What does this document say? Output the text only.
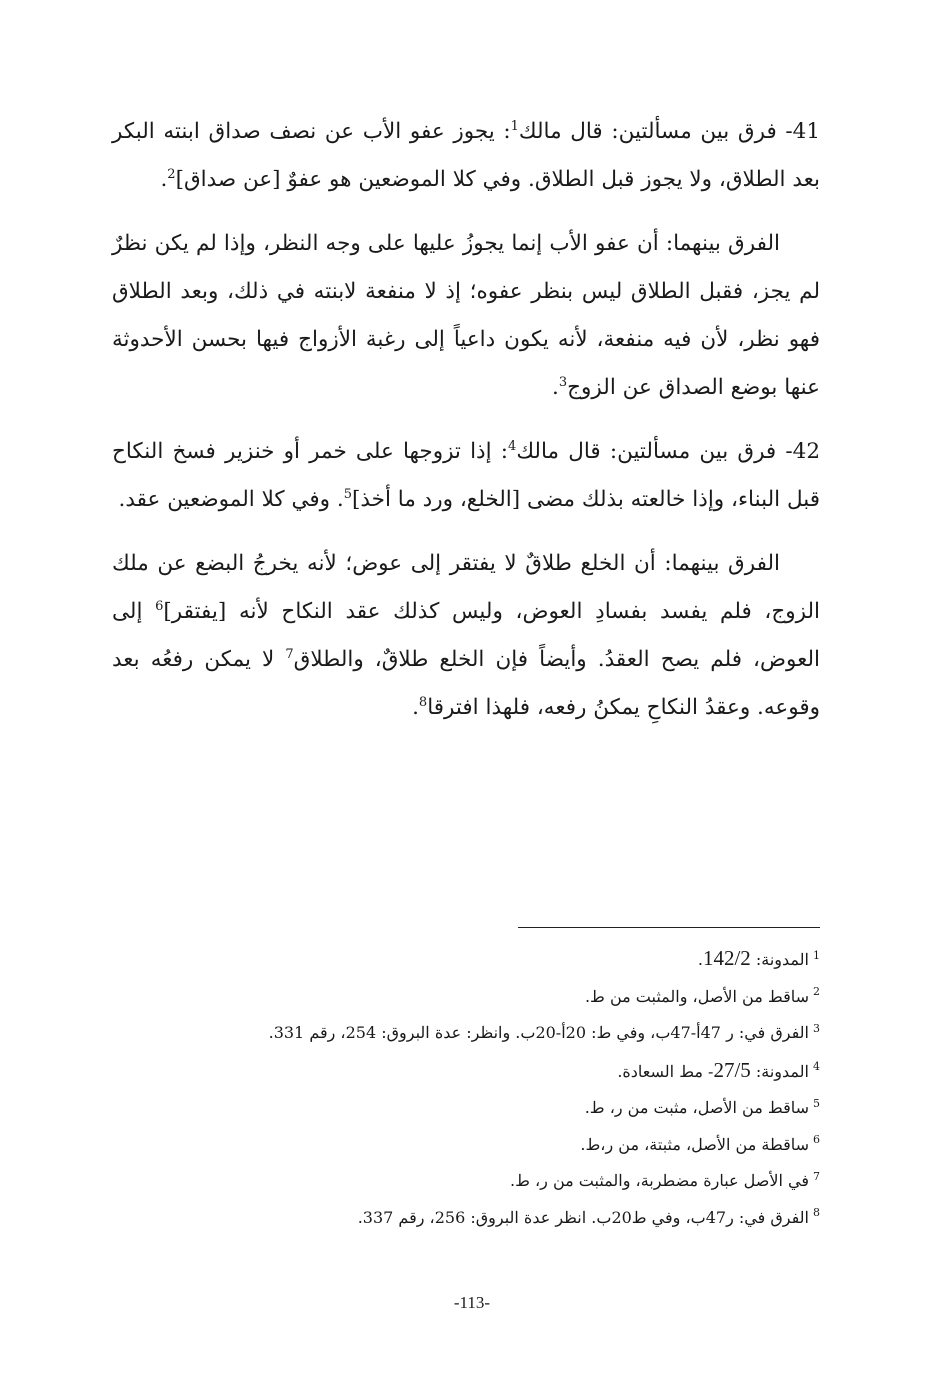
41- فرق بين مسألتين: قال مالك$^1$: يجوز عفو الأب عن نصف صداق ابنته البكر بعد الطلاق، ولا يجوز قبل الطلاق. وفي كلا الموضعين هو عفوٌ [عن صداق]$^2$.

الفرق بينهما: أن عفو الأب إنما يجوزُ عليها على وجه النظر، وإذا لم يكن نظرٌ لم يجز، فقبل الطلاق ليس بنظر عفوه؛ إذ لا منفعة لابنته في ذلك، وبعد الطلاق فهو نظر، لأن فيه منفعة، لأنه يكون داعياً إلى رغبة الأزواج فيها بحسن الأحدوثة عنها بوضع الصداق عن الزوج$^3$.

42- فرق بين مسألتين: قال مالك$^4$: إذا تزوجها على خمر أو خنزير فسخ النكاح قبل البناء، وإذا خالعته بذلك مضى [الخلع، ورد ما أخذ]$^5$. وفي كلا الموضعين عقد.

الفرق بينهما: أن الخلع طلاقٌ لا يفتقر إلى عوض؛ لأنه يخرجُ البضع عن ملك الزوج، فلم يفسد بفسادِ العوض، وليس كذلك عقد النكاح لأنه [يفتقر]$^6$ إلى العوض، فلم يصح العقدُ. وأيضاً فإن الخلع طلاقٌ، والطلاق$^7$ لا يمكن رفعُه بعد وقوعه. وعقدُ النكاحِ يمكنُ رفعه، فلهذا افترقا$^8$.

$^1$المدونة: 142/2.
$^2$ساقط من الأصل، والمثبت من ط.
$^3$الفرق في: ر 47أ-47ب، وفي ط: 20أ-20ب. وانظر: عدة البروق: 254، رقم 331.
$^4$المدونة: 27/5- مط السعادة.
$^5$ساقط من الأصل، مثبت من ر، ط.
$^6$ساقطة من الأصل، مثبتة، من ر،ط.
$^7$في الأصل عبارة مضطربة، والمثبت من ر، ط.
$^8$الفرق في: ر47ب، وفي ط20ب. انظر عدة البروق: 256، رقم 337.
-113-
